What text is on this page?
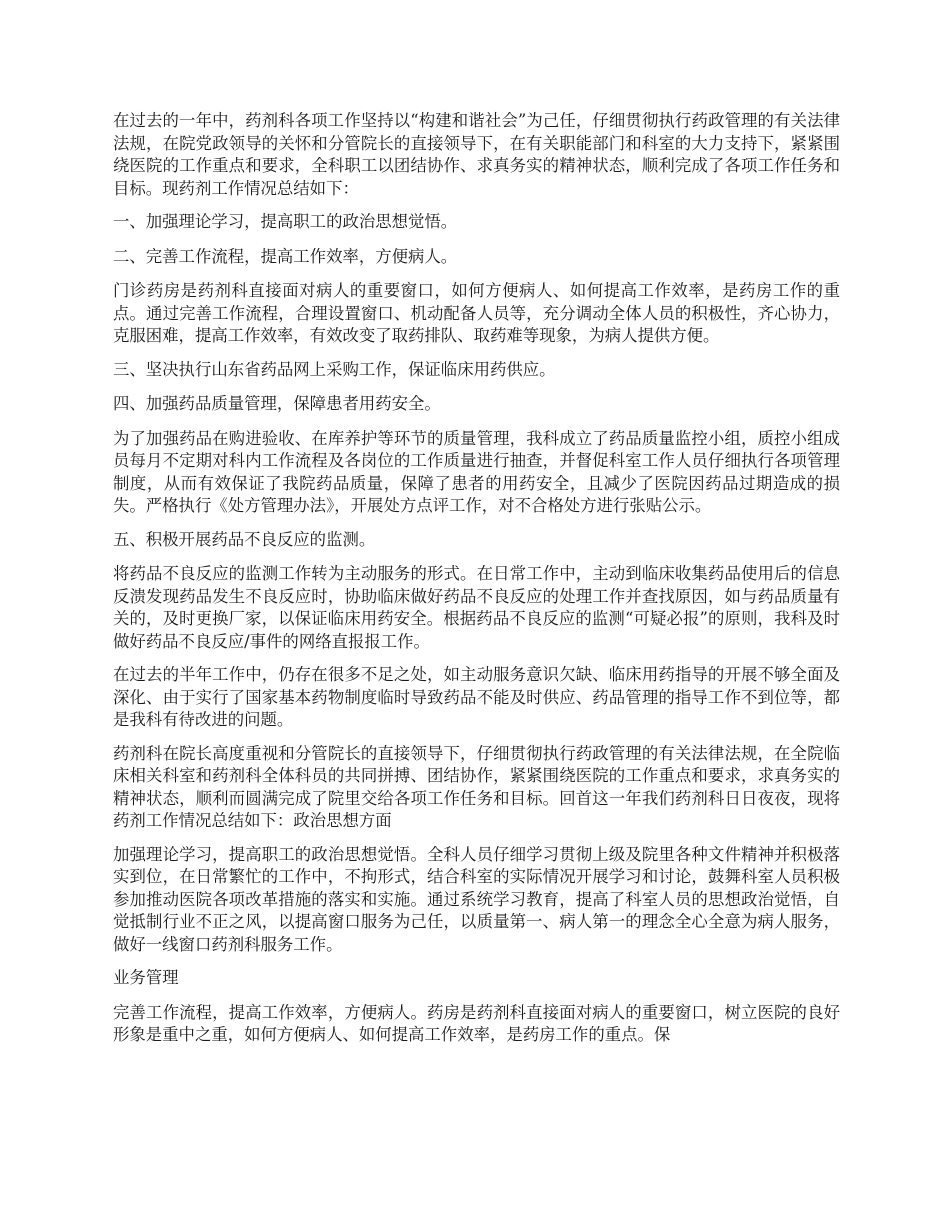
在过去的一年中，药剂科各项工作坚持以“构建和谐社会”为己任，仔细贯彻执行药政管理的有关法律法规，在院党政领导的关怀和分管院长的直接领导下，在有关职能部门和科室的大力支持下，紧紧围绕医院的工作重点和要求，全科职工以团结协作、求真务实的精神状态，顺利完成了各项工作任务和目标。现药剂工作情况总结如下：

一、加强理论学习，提高职工的政治思想觉悟。

二、完善工作流程，提高工作效率，方便病人。

门诊药房是药剂科直接面对病人的重要窗口，如何方便病人、如何提高工作效率，是药房工作的重点。通过完善工作流程，合理设置窗口、机动配备人员等，充分调动全体人员的积极性，齐心协力，克服困难，提高工作效率，有效改变了取药排队、取药难等现象，为病人提供方便。

三、坚决执行山东省药品网上采购工作，保证临床用药供应。

四、加强药品质量管理，保障患者用药安全。

为了加强药品在购进验收、在库养护等环节的质量管理，我科成立了药品质量监控小组，质控小组成员每月不定期对科内工作流程及各岗位的工作质量进行抽查，并督促科室工作人员仔细执行各项管理制度，从而有效保证了我院药品质量，保障了患者的用药安全，且减少了医院因药品过期造成的损失。严格执行《处方管理办法》，开展处方点评工作，对不合格处方进行张贴公示。

五、积极开展药品不良反应的监测。

将药品不良反应的监测工作转为主动服务的形式。在日常工作中，主动到临床收集药品使用后的信息反溃发现药品发生不良反应时，协助临床做好药品不良反应的处理工作并查找原因，如与药品质量有关的，及时更换厂家，以保证临床用药安全。根据药品不良反应的监测“可疑必报”的原则，我科及时做好药品不良反应/事件的网络直报报工作。

在过去的半年工作中，仍存在很多不足之处，如主动服务意识欠缺、临床用药指导的开展不够全面及深化、由于实行了国家基本药物制度临时导致药品不能及时供应、药品管理的指导工作不到位等，都是我科有待改进的问题。

药剂科在院长高度重视和分管院长的直接领导下，仔细贯彻执行药政管理的有关法律法规，在全院临床相关科室和药剂科全体科员的共同拼搏、团结协作，紧紧围绕医院的工作重点和要求，求真务实的精神状态，顺利而圆满完成了院里交给各项工作任务和目标。回首这一年我们药剂科日日夜夜，现将药剂工作情况总结如下：政治思想方面

加强理论学习，提高职工的政治思想觉悟。全科人员仔细学习贯彻上级及院里各种文件精神并积极落实到位，在日常繁忙的工作中，不拘形式，结合科室的实际情况开展学习和讨论，鼓舞科室人员积极参加推动医院各项改革措施的落实和实施。通过系统学习教育，提高了科室人员的思想政治觉悟，自觉抵制行业不正之风，以提高窗口服务为己任，以质量第一、病人第一的理念全心全意为病人服务，做好一线窗口药剂科服务工作。

业务管理

完善工作流程，提高工作效率，方便病人。药房是药剂科直接面对病人的重要窗口，树立医院的良好形象是重中之重，如何方便病人、如何提高工作效率，是药房工作的重点。保
